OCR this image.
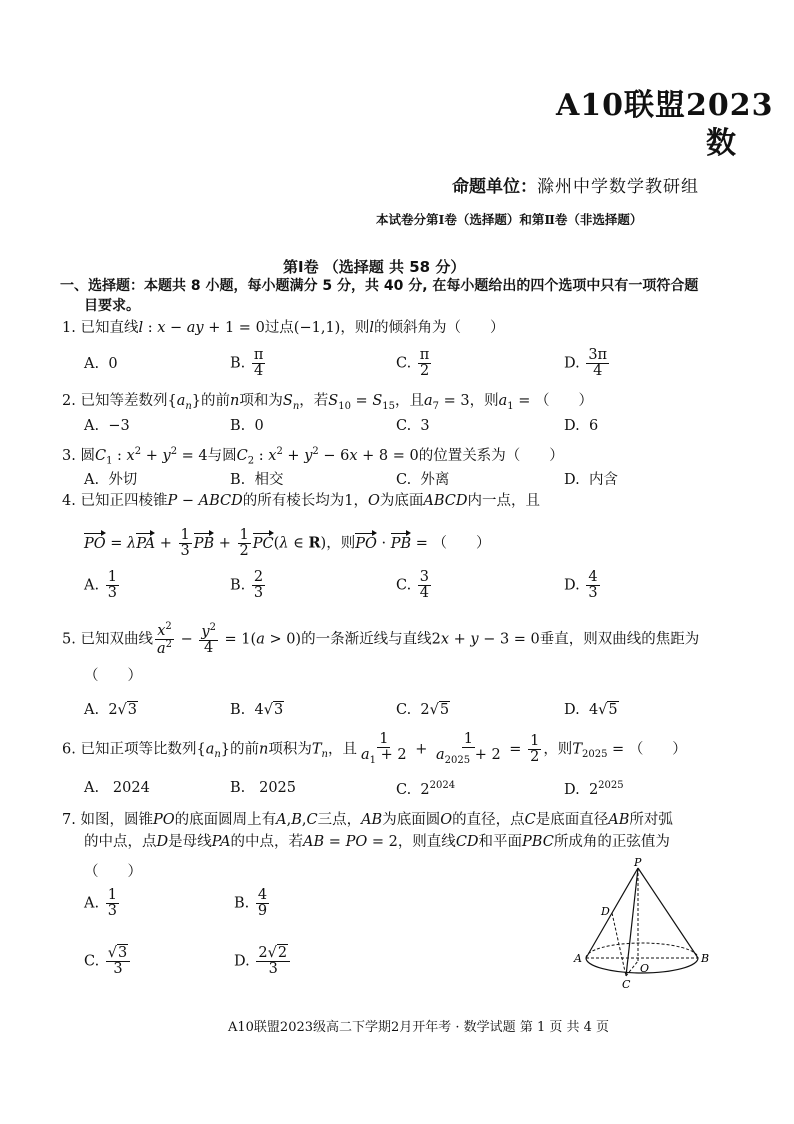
A10联盟2023
数
命题单位：滁州中学数学教研组
本试卷分第Ⅰ卷（选择题）和第Ⅱ卷（非选择题）
第Ⅰ卷 （选择题 共 58 分）
一、选择题：本题共 8 小题，每小题满分 5 分，共 40 分, 在每小题给出的四个选项中只有一项符合题
目要求。
1. 已知直线l : x − ay + 1 = 0过点(−1,1)，则l的倾斜角为（　　）
A.  0	B. $\frac{\pi}{4}$	C. $\frac{\pi}{2}$	D. $\frac{3\pi}{4}$
2. 已知等差数列$\{a_n\}$的前n项和为$S_n$，若$S_{10} = S_{15}$，且$a_7 = 3$，则$a_1$ = （　　）
A.  −3	B.  0	C.  3	D.  6
3. 圆$C_1$ : $x^2 + y^2 = 4$与圆$C_2$ : $x^2 + y^2 - 6x + 8 = 0$的位置关系为（　　）
A.  外切	B.  相交	C.  外离	D.  内含
4. 已知正四棱锥P − ABCD的所有棱长均为1，O为底面ABCD内一点，且
PO = $\lambda PA + \frac{1}{3}$ PB + $\frac{1}{2} PC(\lambda$ ∈ R)，则PO · PB = （　　）
A. $\frac{1}{3}$	B. $\frac{2}{3}$	C. $\frac{3}{4}$	D. $\frac{4}{3}$
5. 已知双曲线 $\frac{x^2}{a^2} - \frac{y^2}{4} = 1(a > 0)$的一条渐近线与直线2x + y − 3 = 0垂直，则双曲线的焦距为
（　　）
A.  2√3	B.  4√3	C.  2√5	D.  4√5
6. 已知正项等比数列$\{a_n\}$的前n项积为$T_n$，且 $\frac{1}{a_1 + 2} + \frac{1}{a_{2025} + 2} = \frac{1}{2}$ ，则$T_{2025}$ = （　　）
A.   2024	B.   2025	C.  $2^{2024}$	D.  $2^{2025}$
7. 如图，圆锥PO的底面圆周上有A,B,C三点，AB为底面圆O的直径，点C是底面直径AB所对弧
的中点，点D是母线PA的中点，若AB = PO = 2，则直线CD和平面PBC所成角的正弦值为
（　　）
A. $\frac{1}{3}$	B. $\frac{4}{9}$
C. $\frac{√3}{3}$	D. $\frac{2√2}{3}$
P
D
A
O
B
C
A10联盟2023级高二下学期2月开年考 · 数学试题 第 1 页 共 4 页
